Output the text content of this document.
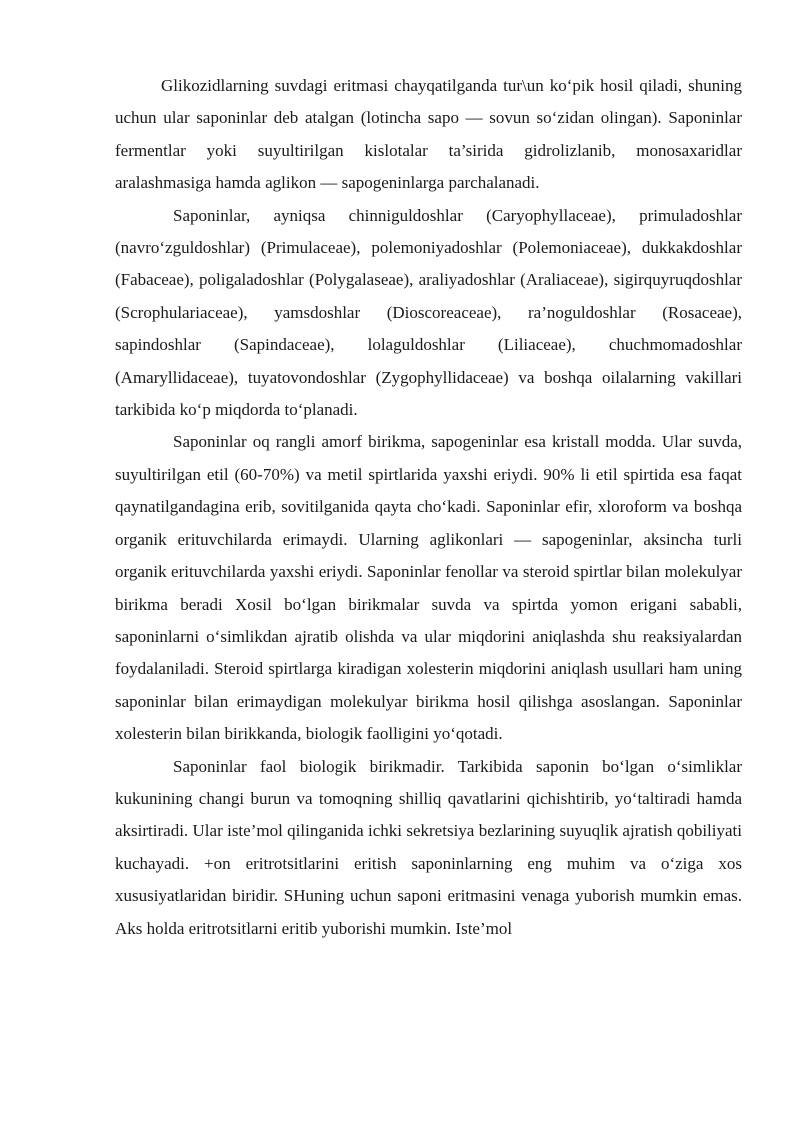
Glikozidlarning suvdagi eritmasi chayqatilganda tur\un ko‘pik hosil qiladi, shuning uchun ular saponinlar deb atalgan (lotincha sapo — sovun so‘zidan olingan). Saponinlar fermentlar yoki suyultirilgan kislotalar ta’sirida gidrolizlanib, monosaxaridlar aralashmasiga hamda aglikon — sapogeninlarga parchalanadi.

Saponinlar, ayniqsa chinniguldoshlar (Caryophyllaceae), primuladoshlar (navro‘zguldoshlar) (Primulaceae), polemoniyadoshlar (Polemoniaceae), dukkakdoshlar (Fabaceae), poligaladoshlar (Polygalaseae), araliyadoshlar (Araliaceae), sigirquyruqdoshlar (Scrophulariaceae), yamsdoshlar (Dioscoreaceae), ra’noguldoshlar (Rosaceae), sapindoshlar (Sapindaceae), lolaguldoshlar (Liliaceae), chuchmomadoshlar (Amaryllidaceae), tuyatovondoshlar (Zygophyllidaceae) va boshqa oilalarning vakillari tarkibida ko‘p miqdorda to‘planadi.

Saponinlar oq rangli amorf birikma, sapogeninlar esa kristall modda. Ular suvda, suyultirilgan etil (60-70%) va metil spirtlarida yaxshi eriydi. 90% li etil spirtida esa faqat qaynatilgandagina erib, sovitilganida qayta cho‘kadi. Saponinlar efir, xloroform va boshqa organik erituvchilarda erimaydi. Ularning aglikonlari — sapogeninlar, aksincha turli organik erituvchilarda yaxshi eriydi. Saponinlar fenollar va steroid spirtlar bilan molekulyar birikma beradi Xosil bo‘lgan birikmalar suvda va spirtda yomon erigani sababli, saponinlarni o‘simlikdan ajratib olishda va ular miqdorini aniqlashda shu reaksiyalardan foydalaniladi. Steroid spirtlarga kiradigan xolesterin miqdorini aniqlash usullari ham uning saponinlar bilan erimaydigan molekulyar birikma hosil qilishga asoslangan. Saponinlar xolesterin bilan birikkanda, biologik faolligini yo‘qotadi.

Saponinlar faol biologik birikmadir. Tarkibida saponin bo‘lgan o‘simliklar kukunining changi burun va tomoqning shilliq qavatlarini qichishtirib, yo‘taltiradi hamda aksirtiradi. Ular iste’mol qilinganida ichki sekretsiya bezlarining suyuqlik ajratish qobiliyati kuchayadi. +on eritrotsitlarini eritish saponinlarning eng muhim va o‘ziga xos xususiyatlaridan biridir. SHuning uchun saponi eritmasini venaga yuborish mumkin emas. Aks holda eritrotsitlarni eritib yuborishi mumkin. Iste’mol
